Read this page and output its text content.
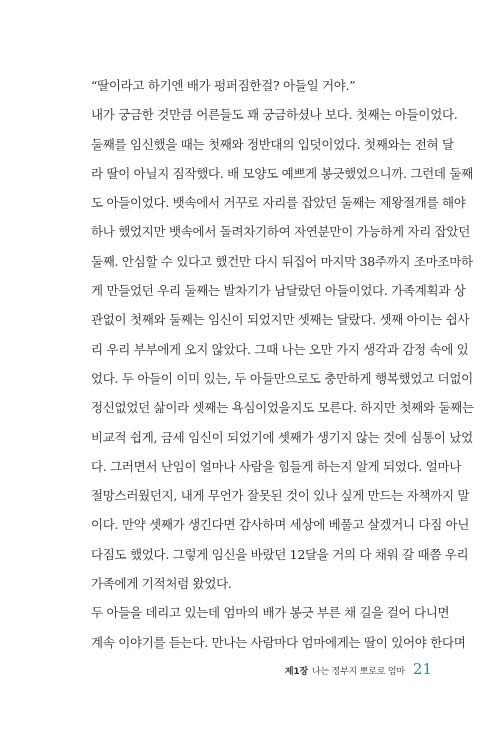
“딸이라고 하기엔 배가 펑퍼짐한걸? 아들일 거야.”
내가 궁금한 것만큼 어른들도 꽤 궁금하셨나 보다. 첫째는 아들이었다.
둘째를 임신했을 때는 첫째와 정반대의 입덧이었다. 첫째와는 전혀 달
라 딸이 아닐지 짐작했다. 배 모양도 예쁘게 봉긋했었으니까. 그런데 둘째
도 아들이었다. 뱃속에서 거꾸로 자리를 잡았던 둘째는 제왕절개를 해야
하나 했었지만 뱃속에서 돌려차기하여 자연분만이 가능하게 자리 잡았던
둘째. 안심할 수 있다고 했건만 다시 뒤집어 마지막 38주까지 조마조마하
게 만들었던 우리 둘째는 발차기가 남달랐던 아들이었다. 가족계획과 상
관없이 첫째와 둘째는 임신이 되었지만 셋째는 달랐다. 셋째 아이는 쉽사
리 우리 부부에게 오지 않았다. 그때 나는 오만 가지 생각과 감정 속에 있
었다. 두 아들이 이미 있는, 두 아들만으로도 충만하게 행복했었고 더없이
정신없었던 삶이라 셋째는 욕심이었을지도 모른다. 하지만 첫째와 둘째는
비교적 쉽게, 금세 임신이 되었기에 셋째가 생기지 않는 것에 심통이 났었
다. 그러면서 난임이 얼마나 사람을 힘들게 하는지 알게 되었다. 얼마나
절망스러웠던지, 내게 무언가 잘못된 것이 있나 싶게 만드는 자책까지 말
이다. 만약 셋째가 생긴다면 감사하며 세상에 베풀고 살겠거니 다짐 아닌
다짐도 했었다. 그렇게 임신을 바랐던 12달을 거의 다 채워 갈 때쯤 우리
가족에게 기적처럼 왔었다.
두 아들을 데리고 있는데 엄마의 배가 봉긋 부른 채 길을 걸어 다니면
계속 이야기를 듣는다. 만나는 사람마다 엄마에게는 딸이 있어야 한다며
제1장 나는 정부지 뽀로로 엄마 21
